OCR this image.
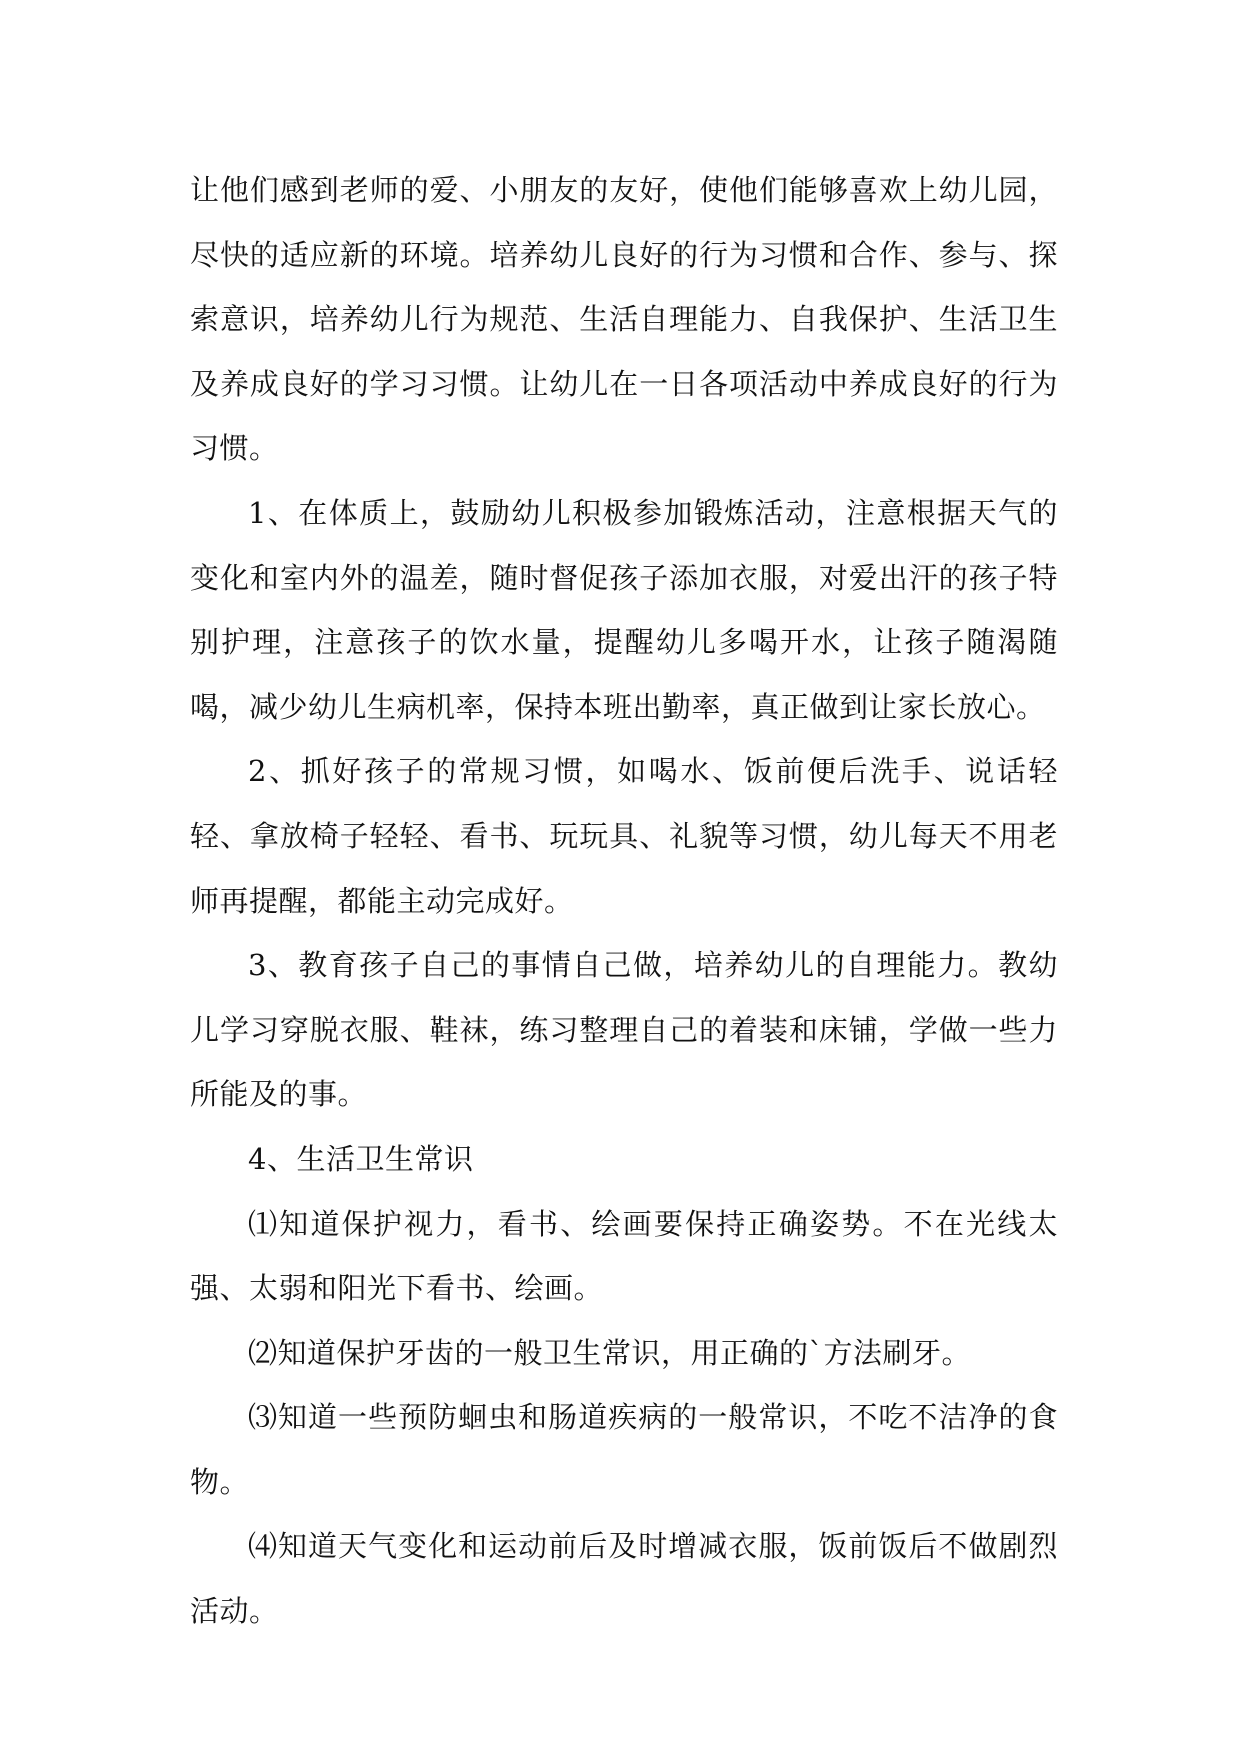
让他们感到老师的爱、小朋友的友好，使他们能够喜欢上幼儿园，尽快的适应新的环境。培养幼儿良好的行为习惯和合作、参与、探索意识，培养幼儿行为规范、生活自理能力、自我保护、生活卫生及养成良好的学习习惯。让幼儿在一日各项活动中养成良好的行为习惯。

1、在体质上，鼓励幼儿积极参加锻炼活动，注意根据天气的变化和室内外的温差，随时督促孩子添加衣服，对爱出汗的孩子特别护理，注意孩子的饮水量，提醒幼儿多喝开水，让孩子随渴随喝，减少幼儿生病机率，保持本班出勤率，真正做到让家长放心。

2、抓好孩子的常规习惯，如喝水、饭前便后洗手、说话轻轻、拿放椅子轻轻、看书、玩玩具、礼貌等习惯，幼儿每天不用老师再提醒，都能主动完成好。

3、教育孩子自己的事情自己做，培养幼儿的自理能力。教幼儿学习穿脱衣服、鞋袜，练习整理自己的着装和床铺，学做一些力所能及的事。

4、生活卫生常识

⑴知道保护视力，看书、绘画要保持正确姿势。不在光线太强、太弱和阳光下看书、绘画。

⑵知道保护牙齿的一般卫生常识，用正确的`方法刷牙。

⑶知道一些预防蛔虫和肠道疾病的一般常识，不吃不洁净的食物。

⑷知道天气变化和运动前后及时增减衣服，饭前饭后不做剧烈活动。
